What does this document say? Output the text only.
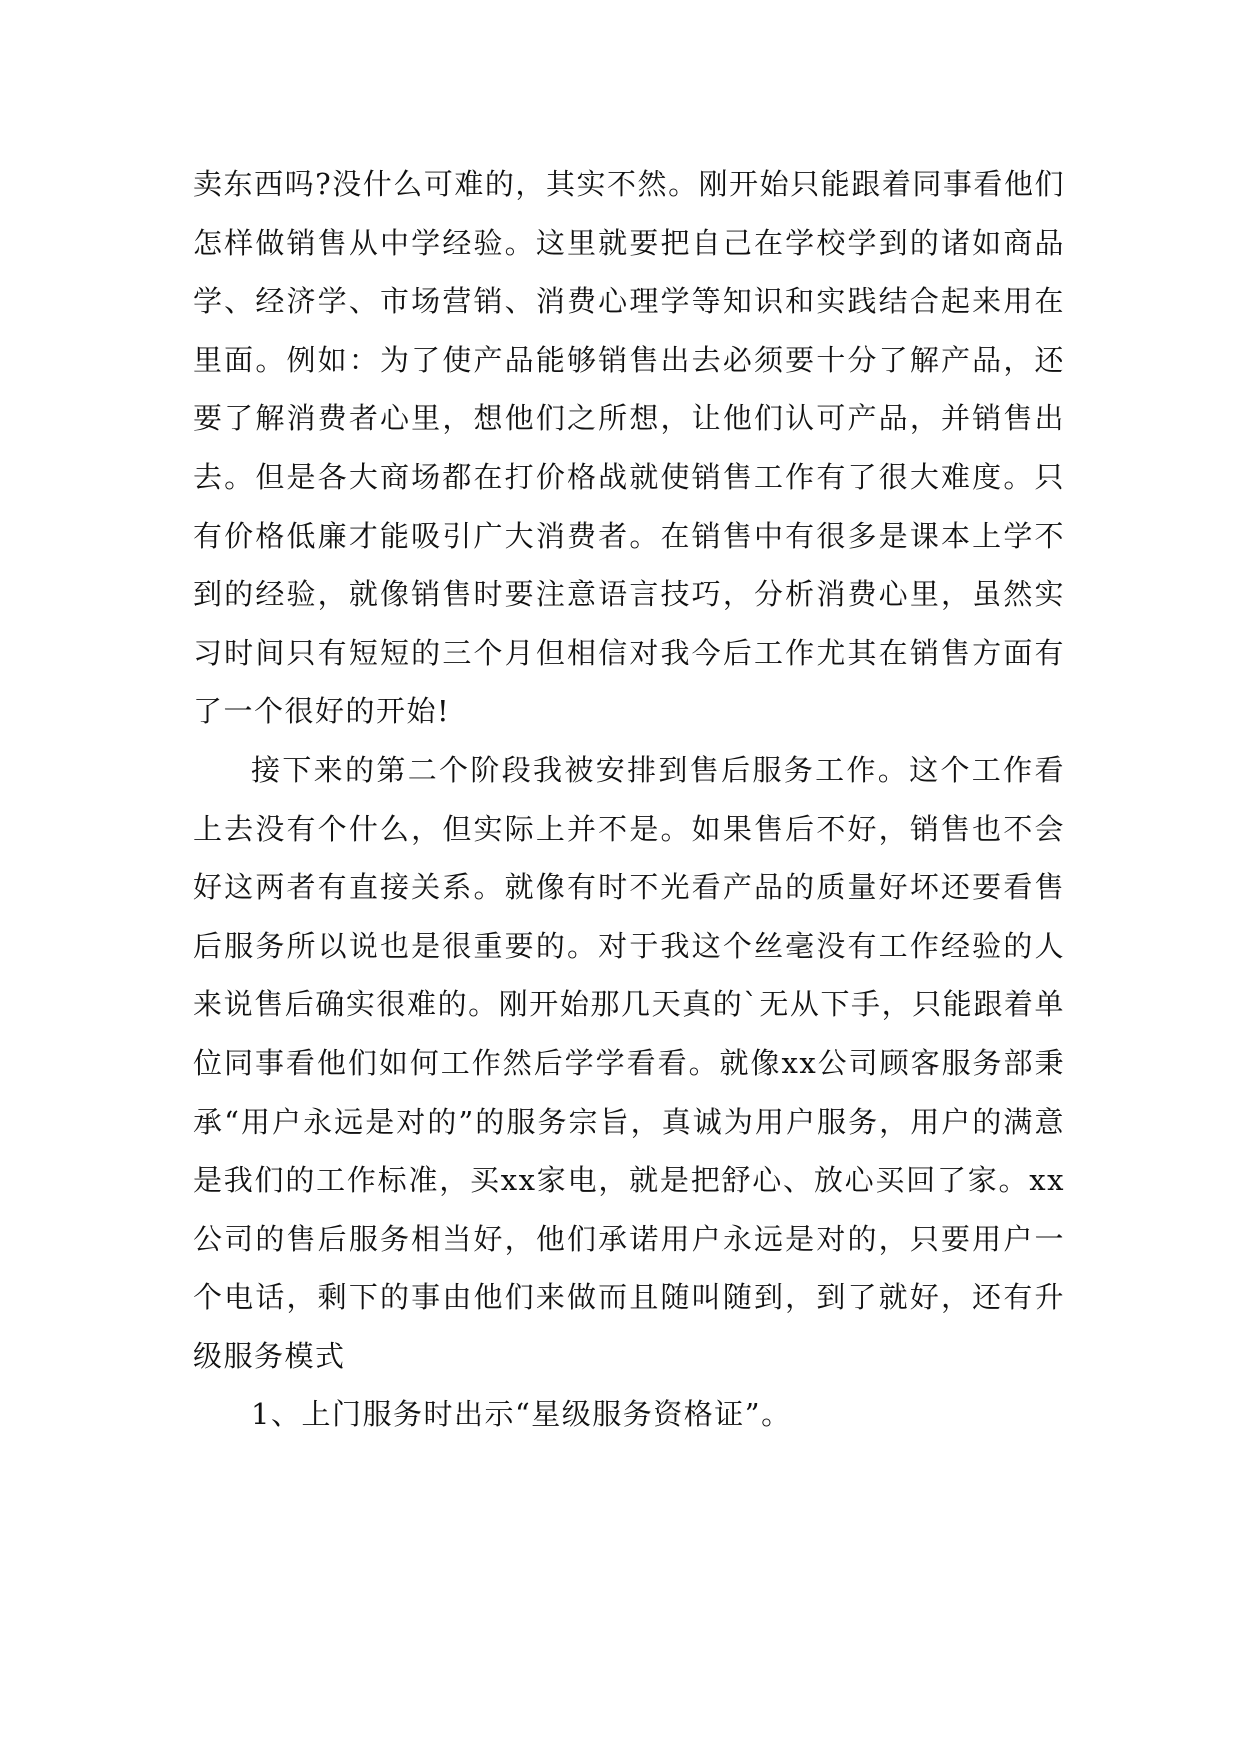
卖东西吗?没什么可难的，其实不然。刚开始只能跟着同事看他们怎样做销售从中学经验。这里就要把自己在学校学到的诸如商品学、经济学、市场营销、消费心理学等知识和实践结合起来用在里面。例如：为了使产品能够销售出去必须要十分了解产品，还要了解消费者心里，想他们之所想，让他们认可产品，并销售出去。但是各大商场都在打价格战就使销售工作有了很大难度。只有价格低廉才能吸引广大消费者。在销售中有很多是课本上学不到的经验，就像销售时要注意语言技巧，分析消费心里，虽然实习时间只有短短的三个月但相信对我今后工作尤其在销售方面有了一个很好的开始!

接下来的第二个阶段我被安排到售后服务工作。这个工作看上去没有个什么，但实际上并不是。如果售后不好，销售也不会好这两者有直接关系。就像有时不光看产品的质量好坏还要看售后服务所以说也是很重要的。对于我这个丝毫没有工作经验的人来说售后确实很难的。刚开始那几天真的`无从下手，只能跟着单位同事看他们如何工作然后学学看看。就像xx公司顾客服务部秉承“用户永远是对的”的服务宗旨，真诚为用户服务，用户的满意是我们的工作标准，买xx家电，就是把舒心、放心买回了家。xx公司的售后服务相当好，他们承诺用户永远是对的，只要用户一个电话，剩下的事由他们来做而且随叫随到，到了就好，还有升级服务模式

1、上门服务时出示“星级服务资格证”。
